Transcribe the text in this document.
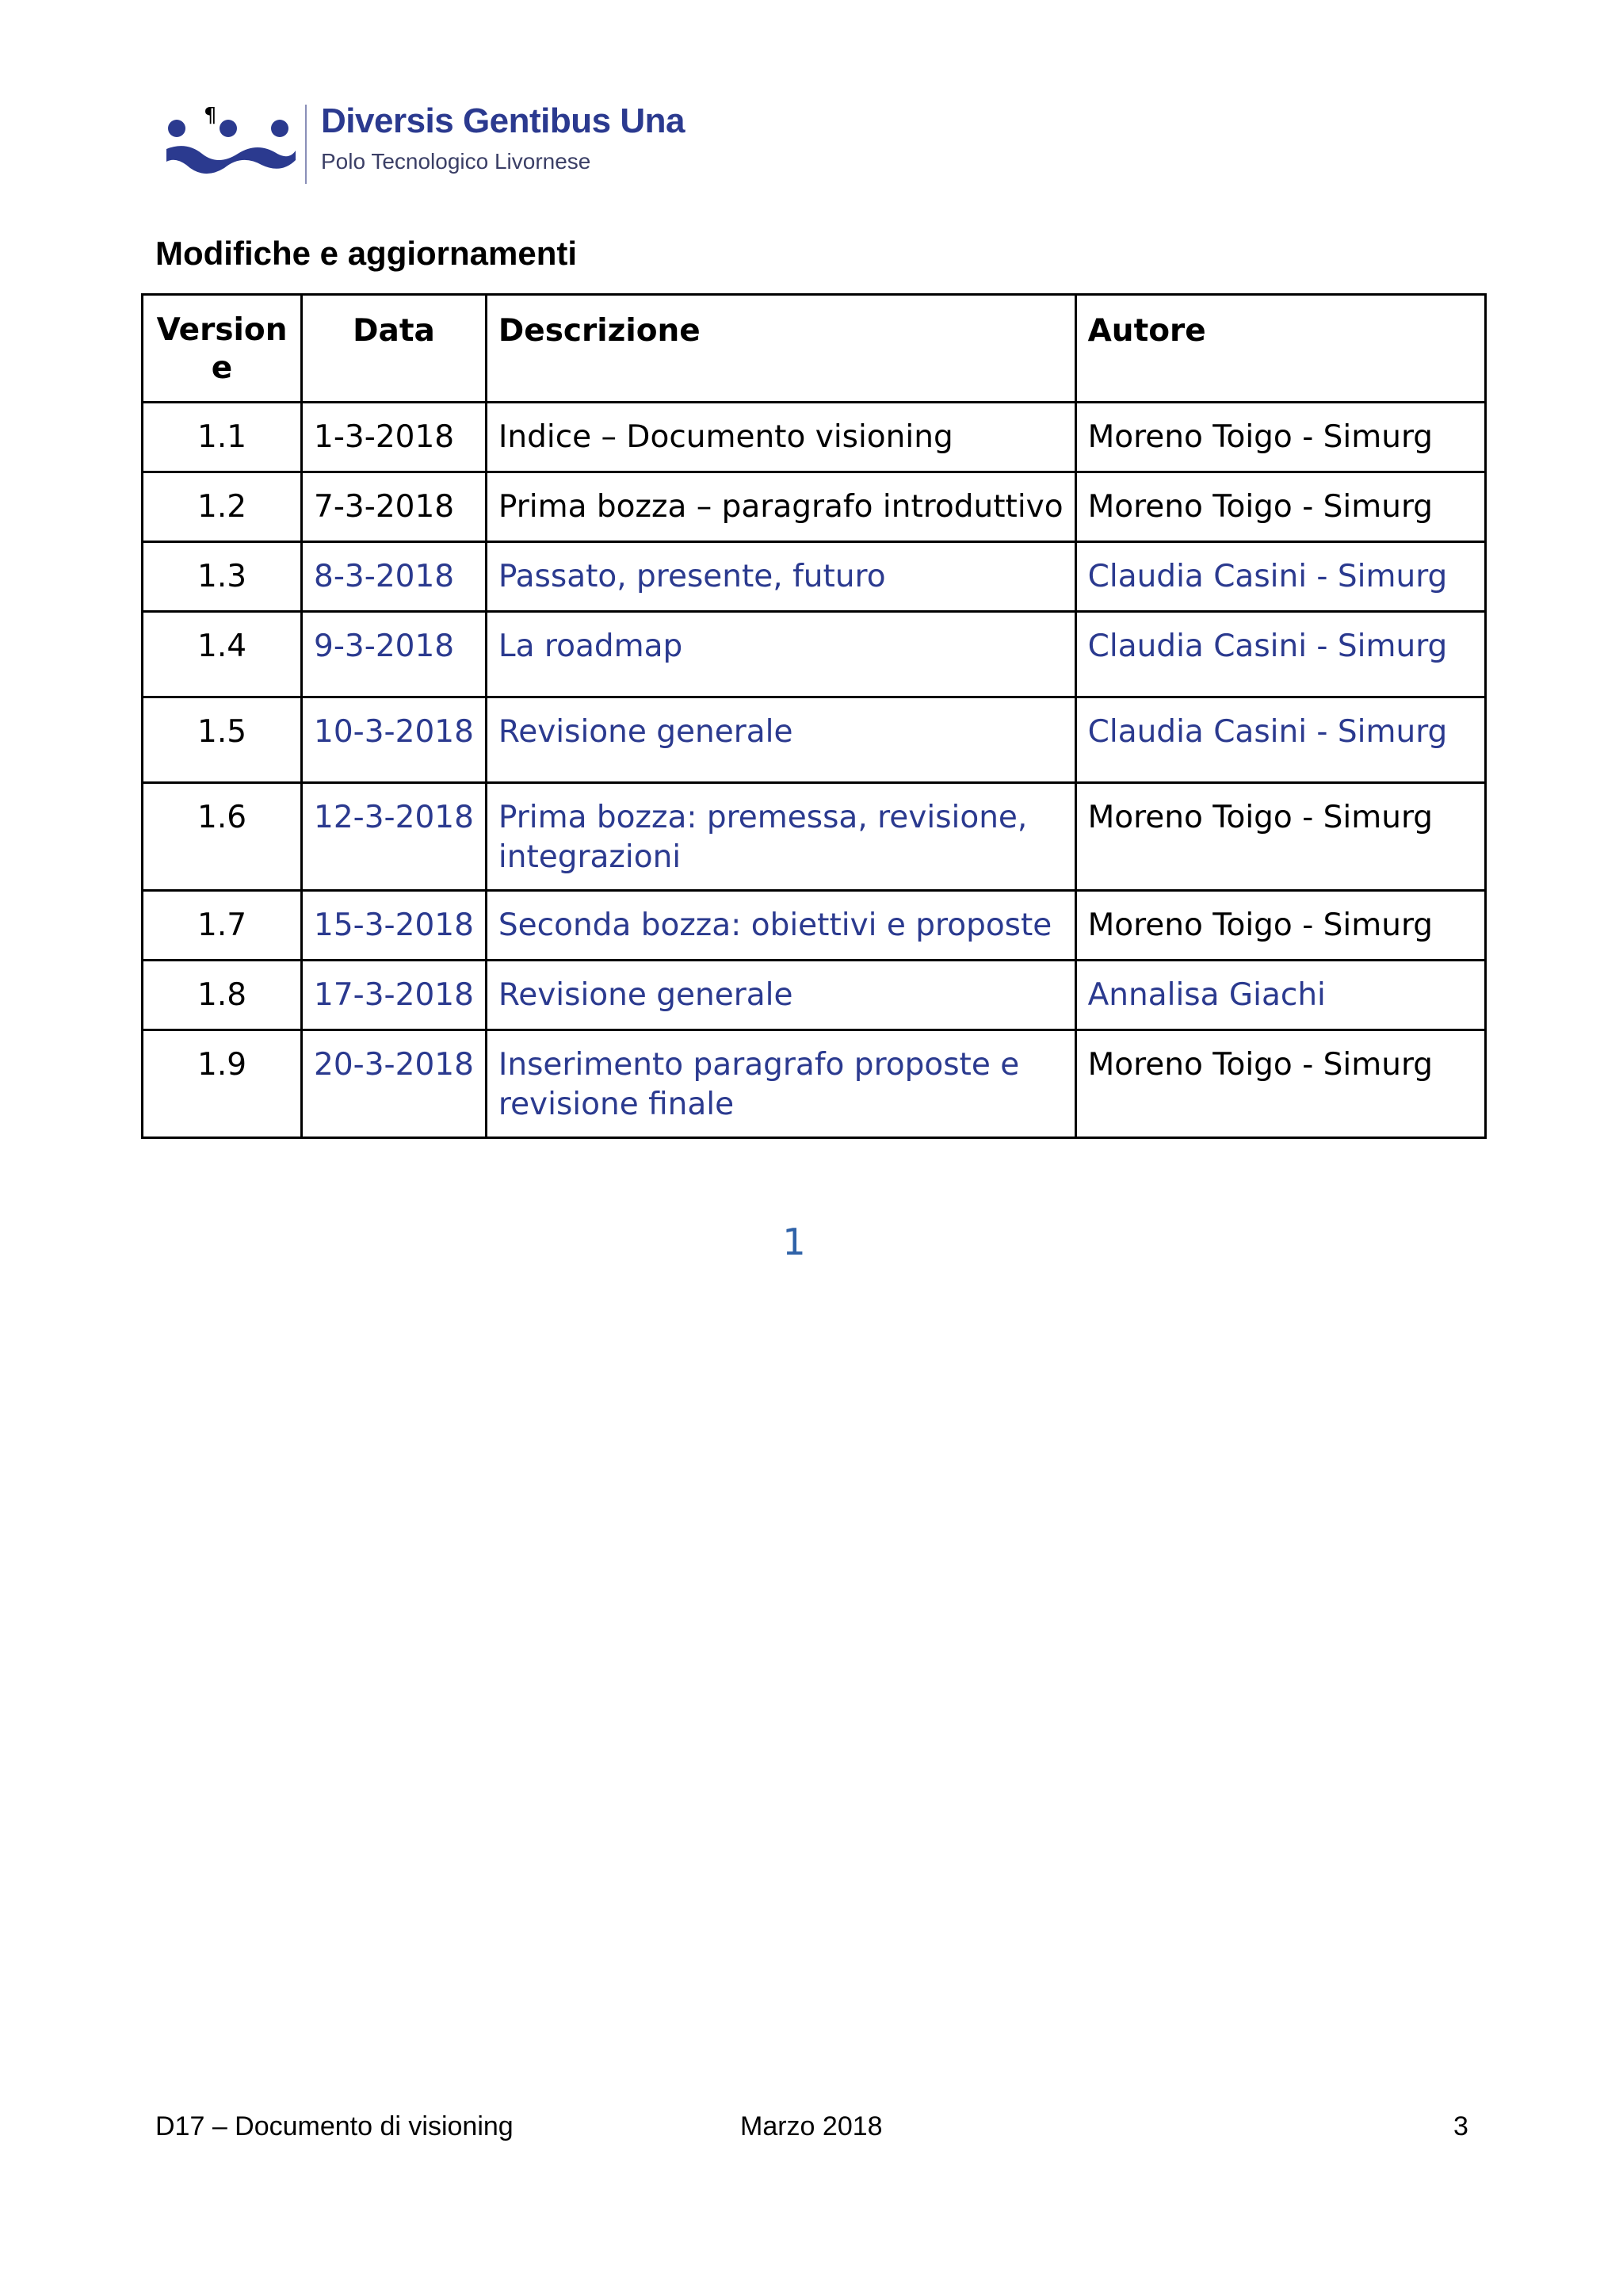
¶	Diversis Gentibus Una
Polo Tecnologico Livornese
Modifiche e aggiornamenti
Version
e	Data	Descrizione	Autore
1.1	1-3-2018	Indice – Documento visioning	Moreno Toigo - Simurg
1.2	7-3-2018	Prima bozza – paragrafo introduttivo	Moreno Toigo - Simurg
1.3	8-3-2018	Passato, presente, futuro	Claudia Casini - Simurg
1.4	9-3-2018	La roadmap	Claudia Casini - Simurg
1.5	10-3-2018	Revisione generale	Claudia Casini - Simurg
1.6	12-3-2018	Prima bozza: premessa, revisione, integrazioni	Moreno Toigo - Simurg
1.7	15-3-2018	Seconda bozza: obiettivi e proposte	Moreno Toigo - Simurg
1.8	17-3-2018	Revisione generale	Annalisa Giachi
1.9	20-3-2018	Inserimento paragrafo proposte e revisione finale	Moreno Toigo - Simurg
1
D17 – Documento di visioning	Marzo 2018	3
